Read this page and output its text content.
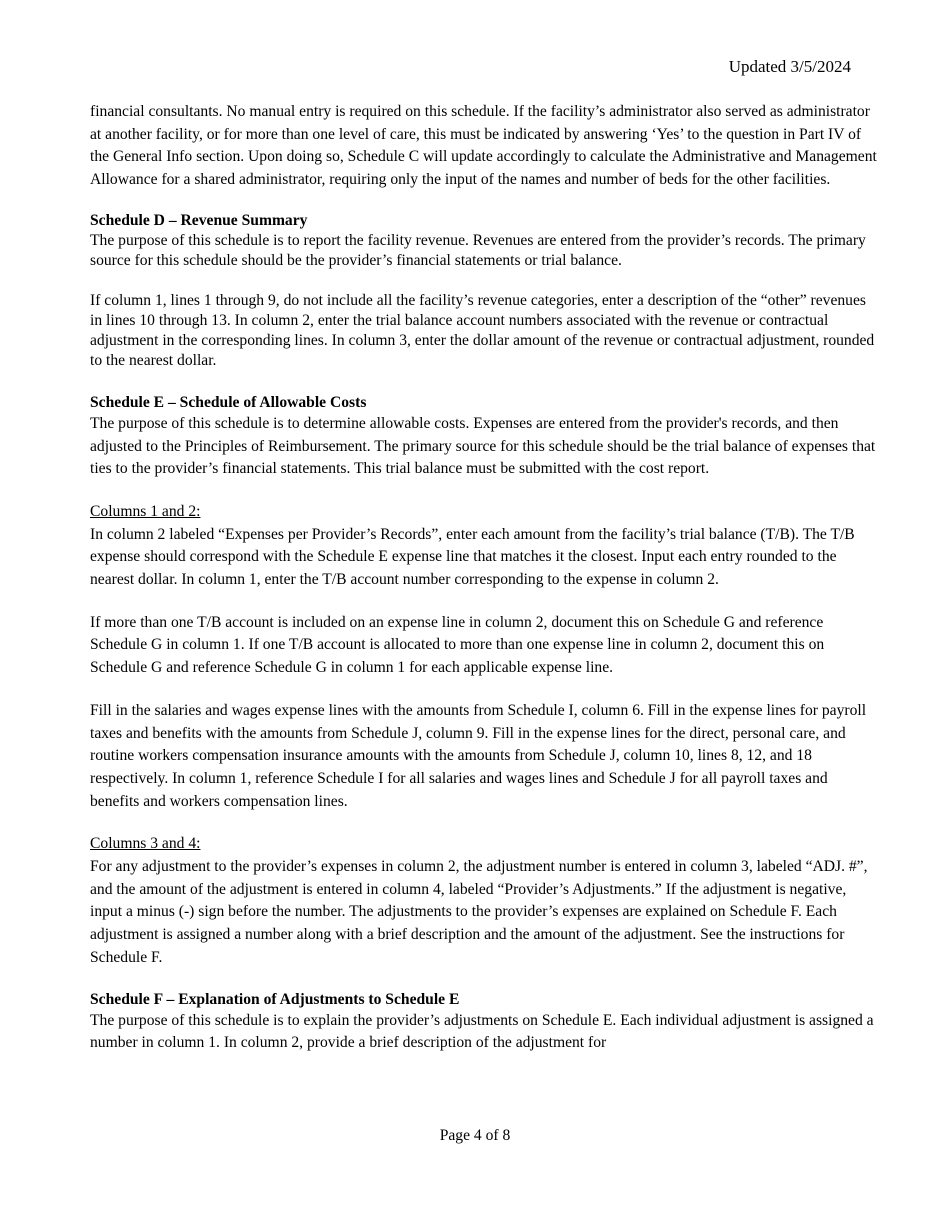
Updated 3/5/2024

financial consultants. No manual entry is required on this schedule. If the facility’s administrator also served as administrator at another facility, or for more than one level of care, this must be indicated by answering ‘Yes’ to the question in Part IV of the General Info section. Upon doing so, Schedule C will update accordingly to calculate the Administrative and Management Allowance for a shared administrator, requiring only the input of the names and number of beds for the other facilities.

Schedule D – Revenue Summary

The purpose of this schedule is to report the facility revenue. Revenues are entered from the provider’s records. The primary source for this schedule should be the provider’s financial statements or trial balance.

If column 1, lines 1 through 9, do not include all the facility’s revenue categories, enter a description of the “other” revenues in lines 10 through 13. In column 2, enter the trial balance account numbers associated with the revenue or contractual adjustment in the corresponding lines. In column 3, enter the dollar amount of the revenue or contractual adjustment, rounded to the nearest dollar.

Schedule E – Schedule of Allowable Costs

The purpose of this schedule is to determine allowable costs. Expenses are entered from the provider's records, and then adjusted to the Principles of Reimbursement. The primary source for this schedule should be the trial balance of expenses that ties to the provider’s financial statements. This trial balance must be submitted with the cost report.

Columns 1 and 2:

In column 2 labeled “Expenses per Provider’s Records”, enter each amount from the facility’s trial balance (T/B). The T/B expense should correspond with the Schedule E expense line that matches it the closest. Input each entry rounded to the nearest dollar. In column 1, enter the T/B account number corresponding to the expense in column 2.

If more than one T/B account is included on an expense line in column 2, document this on Schedule G and reference Schedule G in column 1. If one T/B account is allocated to more than one expense line in column 2, document this on Schedule G and reference Schedule G in column 1 for each applicable expense line.

Fill in the salaries and wages expense lines with the amounts from Schedule I, column 6. Fill in the expense lines for payroll taxes and benefits with the amounts from Schedule J, column 9. Fill in the expense lines for the direct, personal care, and routine workers compensation insurance amounts with the amounts from Schedule J, column 10, lines 8, 12, and 18 respectively. In column 1, reference Schedule I for all salaries and wages lines and Schedule J for all payroll taxes and benefits and workers compensation lines.

Columns 3 and 4:

For any adjustment to the provider’s expenses in column 2, the adjustment number is entered in column 3, labeled “ADJ. #”, and the amount of the adjustment is entered in column 4, labeled “Provider’s Adjustments.” If the adjustment is negative, input a minus (-) sign before the number. The adjustments to the provider’s expenses are explained on Schedule F. Each adjustment is assigned a number along with a brief description and the amount of the adjustment. See the instructions for Schedule F.

Schedule F – Explanation of Adjustments to Schedule E

The purpose of this schedule is to explain the provider’s adjustments on Schedule E. Each individual adjustment is assigned a number in column 1. In column 2, provide a brief description of the adjustment for

Page 4 of 8
